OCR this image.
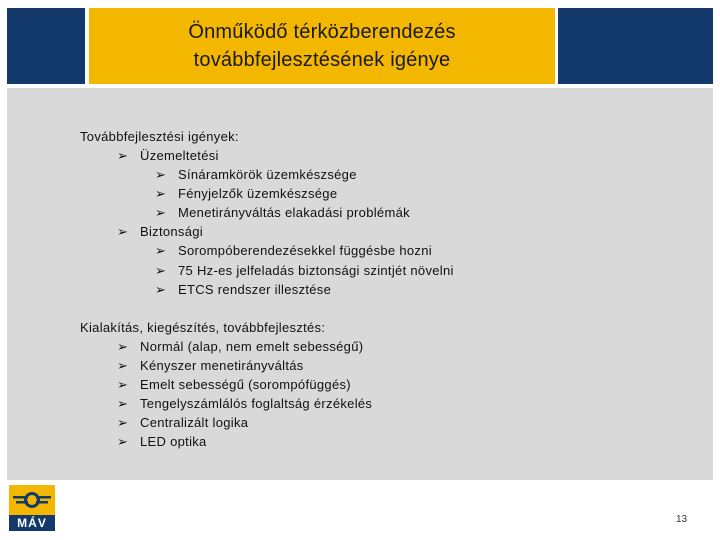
Önműködő térközberendezés
továbbfejlesztésének igénye
Továbbfejlesztési igények:
➢ Üzemeltetési
➢ Sínáramkörök üzemkészsége
➢ Fényjelzők üzemkészsége
➢ Menetirányváltás elakadási problémák
➢ Biztonsági
➢ Sorompóberendezésekkel függésbe hozni
➢ 75 Hz-es jelfeladás biztonsági szintjét növelni
➢ ETCS rendszer illesztése
Kialakítás, kiegészítés, továbbfejlesztés:
➢ Normál (alap, nem emelt sebességű)
➢ Kényszer menetirányváltás
➢ Emelt sebességű (sorompófüggés)
➢ Tengelyszámlálós foglaltság érzékelés
➢ Centralizált logika
➢ LED optika
MÁV	13
